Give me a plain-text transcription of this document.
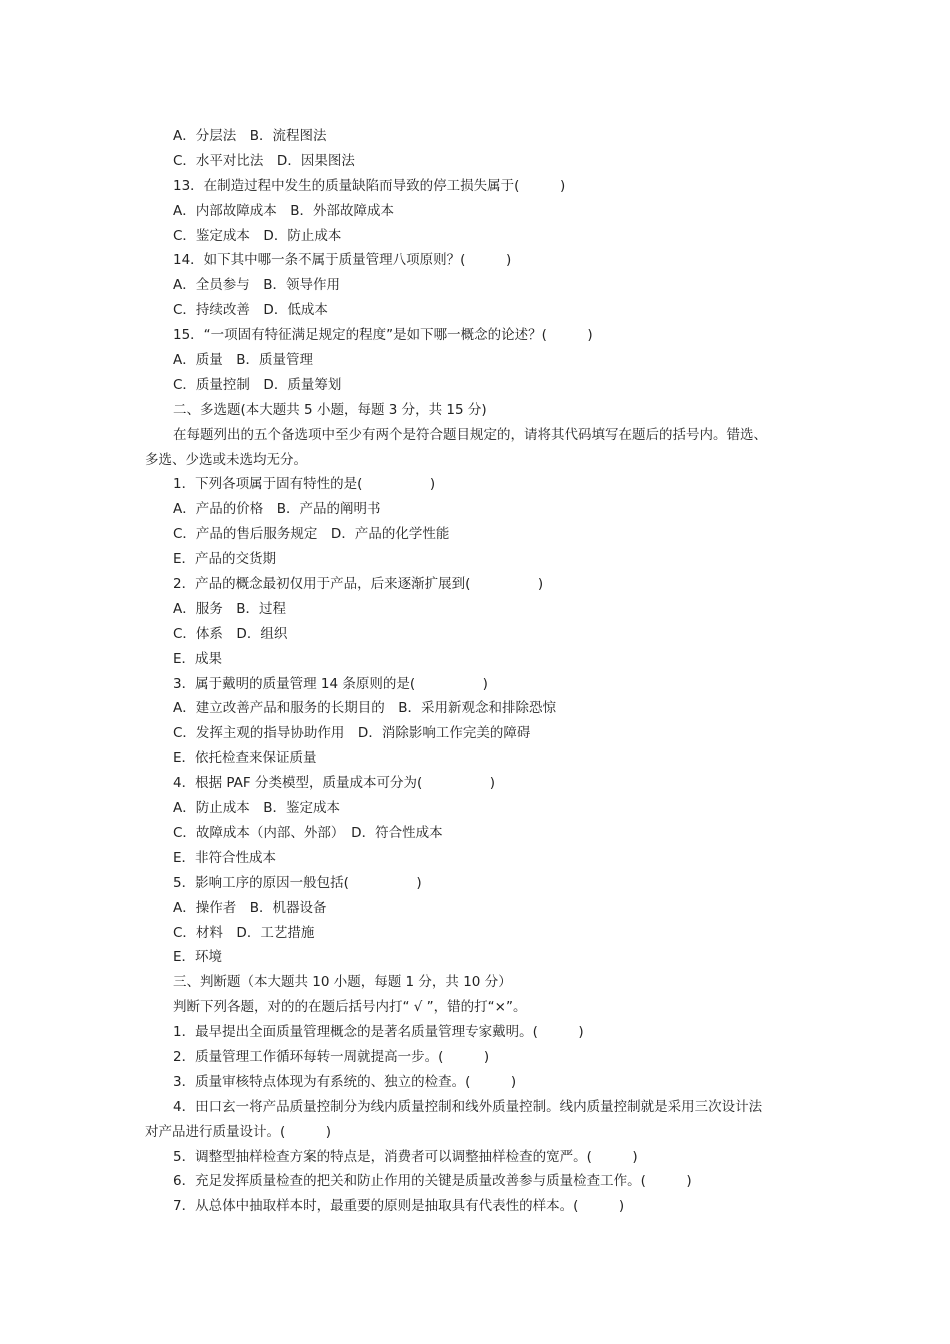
A．分层法　B．流程图法
C．水平对比法　D．因果图法
13．在制造过程中发生的质量缺陷而导致的停工损失属于(　　　)
A．内部故障成本　B．外部故障成本
C．鉴定成本　D．防止成本
14．如下其中哪一条不属于质量管理八项原则？(　　　)
A．全员参与　B．领导作用
C．持续改善　D．低成本
15．“一项固有特征满足规定的程度”是如下哪一概念的论述？(　　　)
A．质量　B．质量管理
C．质量控制　D．质量筹划
二、多选题(本大题共 5 小题，每题 3 分，共 15 分)
在每题列出的五个备选项中至少有两个是符合题目规定的，请将其代码填写在题后的括号内。错选、
多选、少选或未选均无分。
1．下列各项属于固有特性的是(　　　　　)
A．产品的价格　B．产品的阐明书
C．产品的售后服务规定　D．产品的化学性能
E．产品的交货期
2．产品的概念最初仅用于产品，后来逐渐扩展到(　　　　　)
A．服务　B．过程
C．体系　D．组织
E．成果
3．属于戴明的质量管理 14 条原则的是(　　　　　)
A．建立改善产品和服务的长期目的　B．采用新观念和排除恐惊
C．发挥主观的指导协助作用　D．消除影响工作完美的障碍
E．依托检查来保证质量
4．根据 PAF 分类模型，质量成本可分为(　　　　　)
A．防止成本　B．鉴定成本
C．故障成本（内部、外部）　D．符合性成本
E．非符合性成本
5．影响工序的原因一般包括(　　　　　)
A．操作者　B．机器设备
C．材料　D．工艺措施
E．环境
三、判断题（本大题共 10 小题，每题 1 分，共 10 分）
判断下列各题，对的的在题后括号内打“ √ ”，错的打“×”。
1．最早提出全面质量管理概念的是著名质量管理专家戴明。(　　　)
2．质量管理工作循环每转一周就提高一步。(　　　)
3．质量审核特点体现为有系统的、独立的检查。(　　　)
4．田口玄一将产品质量控制分为线内质量控制和线外质量控制。线内质量控制就是采用三次设计法
对产品进行质量设计。(　　　)
5．调整型抽样检查方案的特点是，消费者可以调整抽样检查的宽严。(　　　)
6．充足发挥质量检查的把关和防止作用的关键是质量改善参与质量检查工作。(　　　)
7．从总体中抽取样本时，最重要的原则是抽取具有代表性的样本。(　　　)
